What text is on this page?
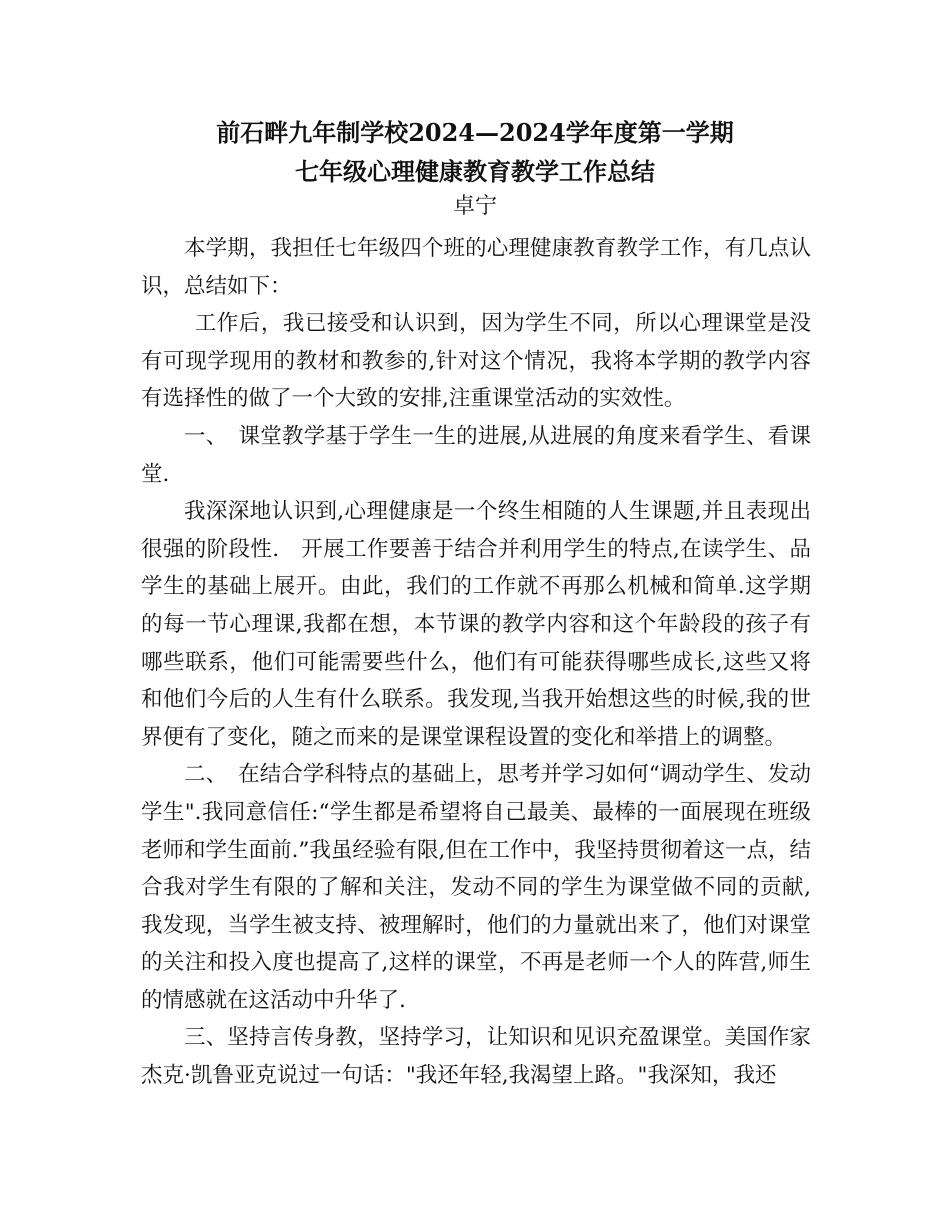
前石畔九年制学校2024—2024学年度第一学期
七年级心理健康教育教学工作总结
卓宁

本学期，我担任七年级四个班的心理健康教育教学工作，有几点认识，总结如下：

工作后，我已接受和认识到，因为学生不同，所以心理课堂是没有可现学现用的教材和教参的,针对这个情况，我将本学期的教学内容有选择性的做了一个大致的安排,注重课堂活动的实效性。

一、　课堂教学基于学生一生的进展,从进展的角度来看学生、看课堂.

我深深地认识到,心理健康是一个终生相随的人生课题,并且表现出很强的阶段性.　开展工作要善于结合并利用学生的特点,在读学生、品学生的基础上展开。由此，我们的工作就不再那么机械和简单.这学期的每一节心理课,我都在想，本节课的教学内容和这个年龄段的孩子有哪些联系，他们可能需要些什么，他们有可能获得哪些成长,这些又将和他们今后的人生有什么联系。我发现,当我开始想这些的时候,我的世界便有了变化，随之而来的是课堂课程设置的变化和举措上的调整。

二、　在结合学科特点的基础上，思考并学习如何“调动学生、发动学生".我同意信任:“学生都是希望将自己最美、最棒的一面展现在班级老师和学生面前.”我虽经验有限,但在工作中，我坚持贯彻着这一点，结合我对学生有限的了解和关注，发动不同的学生为课堂做不同的贡献,我发现，当学生被支持、被理解时，他们的力量就出来了，他们对课堂的关注和投入度也提高了,这样的课堂，不再是老师一个人的阵营,师生的情感就在这活动中升华了.

三、坚持言传身教，坚持学习，让知识和见识充盈课堂。美国作家杰克·凯鲁亚克说过一句话："我还年轻,我渴望上路。"我深知，我还
